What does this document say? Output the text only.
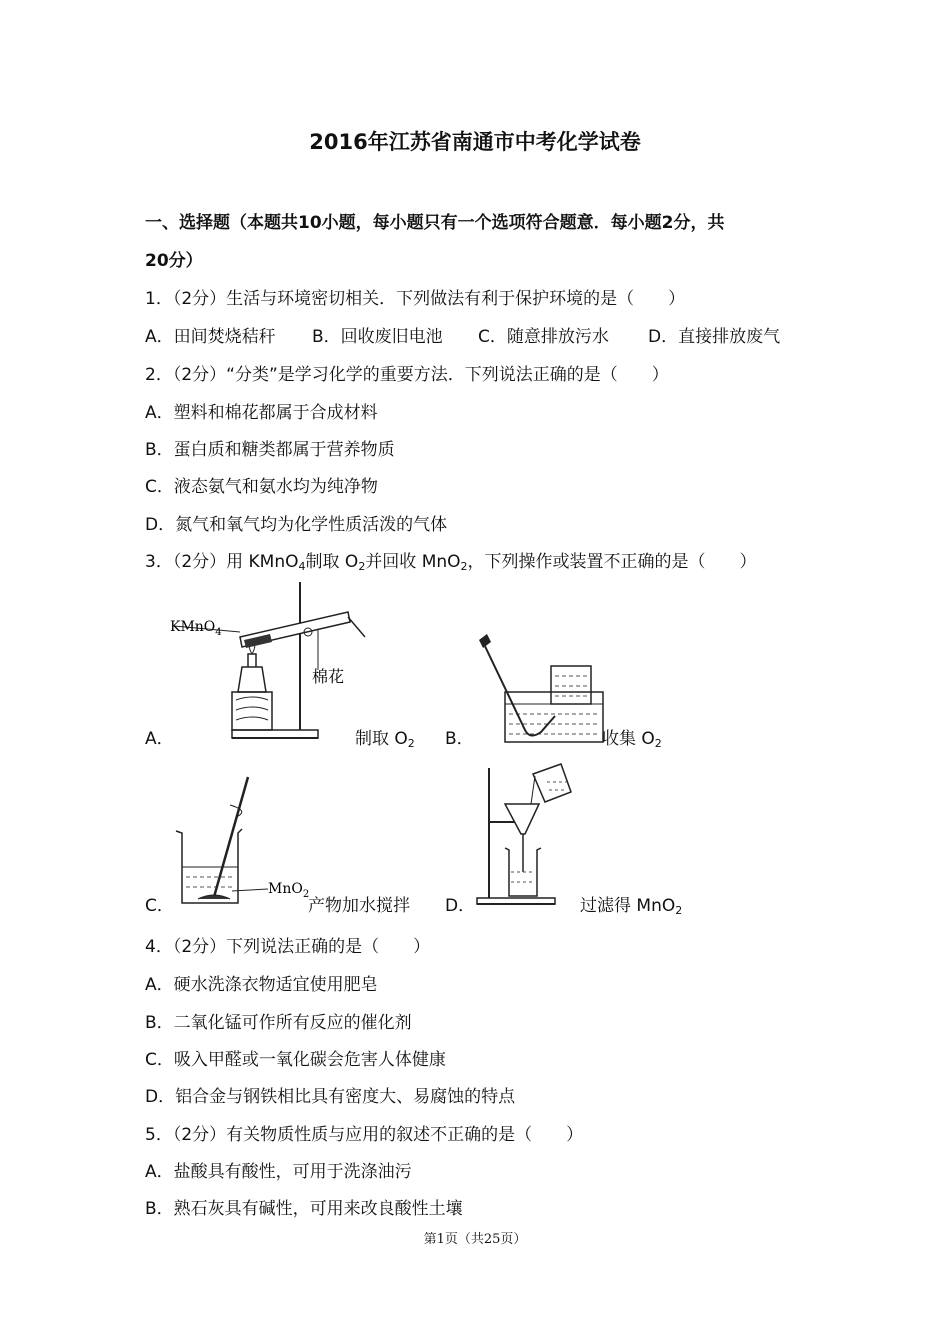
2016年江苏省南通市中考化学试卷
一、选择题（本题共10小题，每小题只有一个选项符合题意．每小题2分，共
20分）
1．（2分）生活与环境密切相关．下列做法有利于保护环境的是（　　）
A．田间焚烧秸秆 B．回收废旧电池 C．随意排放污水 D．直接排放废气
2．（2分）“分类”是学习化学的重要方法．下列说法正确的是（　　）
A．塑料和棉花都属于合成材料
B．蛋白质和糖类都属于营养物质
C．液态氨气和氨水均为纯净物
D．氮气和氧气均为化学性质活泼的气体
3．（2分）用 KMnO$_4$制取 $O_2$并回收 MnO$_2$，下列操作或装置不正确的是（　　）
KMnO$_4$
棉花
A．	制取 $O_2$ B．	收集 $O_2$
MnO$_2$
C．	产物加水搅拌 D．	过滤得 MnO$_2$
4．（2分）下列说法正确的是（　　）
A．硬水洗涤衣物适宜使用肥皂
B．二氧化锰可作所有反应的催化剂
C．吸入甲醛或一氧化碳会危害人体健康
D．铝合金与钢铁相比具有密度大、易腐蚀的特点
5．（2分）有关物质性质与应用的叙述不正确的是（　　）
A．盐酸具有酸性，可用于洗涤油污
B．熟石灰具有碱性，可用来改良酸性土壤
第1页（共25页）
